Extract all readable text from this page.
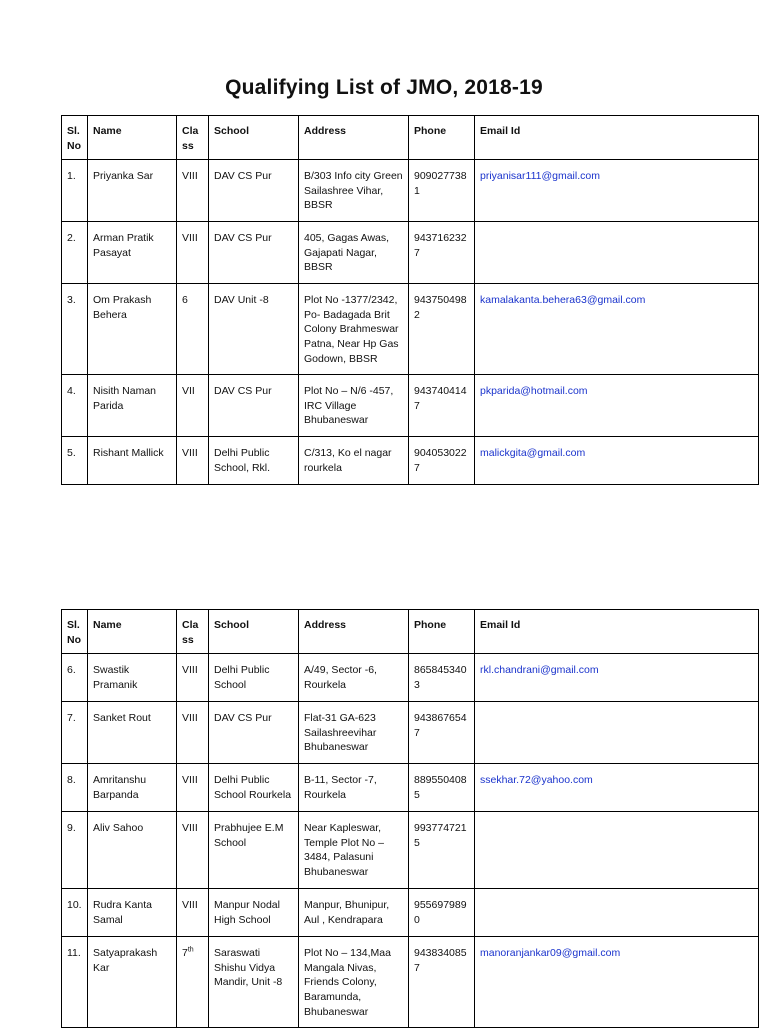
Qualifying List of JMO, 2018-19
Sl. No	Name	Class	School	Address	Phone	Email Id
1.	Priyanka Sar	VIII	DAV CS Pur	B/303 Info city Green Sailashree Vihar, BBSR	9090277381	priyanisar111@gmail.com
2.	Arman Pratik Pasayat	VIII	DAV CS Pur	405, Gagas Awas, Gajapati Nagar, BBSR	9437162327	
3.	Om Prakash Behera	6	DAV Unit -8	Plot No -1377/2342, Po- Badagada Brit Colony Brahmeswar Patna, Near Hp Gas Godown, BBSR	9437504982	kamalakanta.behera63@gmail.com
4.	Nisith Naman Parida	VII	DAV CS Pur	Plot No – N/6 -457, IRC Village Bhubaneswar	9437404147	pkparida@hotmail.com
5.	Rishant Mallick	VIII	Delhi Public School, Rkl.	C/313, Ko el nagar rourkela	9040530227	malickgita@gmail.com
Sl. No	Name	Class	School	Address	Phone	Email Id
6.	Swastik Pramanik	VIII	Delhi Public School	A/49, Sector -6, Rourkela	8658453403	rkl.chandrani@gmail.com
7.	Sanket Rout	VIII	DAV CS Pur	Flat-31 GA-623 Sailashreevihar Bhubaneswar	9438676547	
8.	Amritanshu Barpanda	VIII	Delhi Public School Rourkela	B-11, Sector -7, Rourkela	8895504085	ssekhar.72@yahoo.com
9.	Aliv Sahoo	VIII	Prabhujee E.M School	Near Kapleswar, Temple Plot No – 3484, Palasuni Bhubaneswar	9937747215	
10.	Rudra Kanta Samal	VIII	Manpur Nodal High School	Manpur, Bhunipur, Aul , Kendrapara	9556979890	
11.	Satyaprakash Kar	7th	Saraswati Shishu Vidya Mandir, Unit -8	Plot No – 134,Maa Mangala Nivas, Friends Colony, Baramunda, Bhubaneswar	9438340857	manoranjankar09@gmail.com
